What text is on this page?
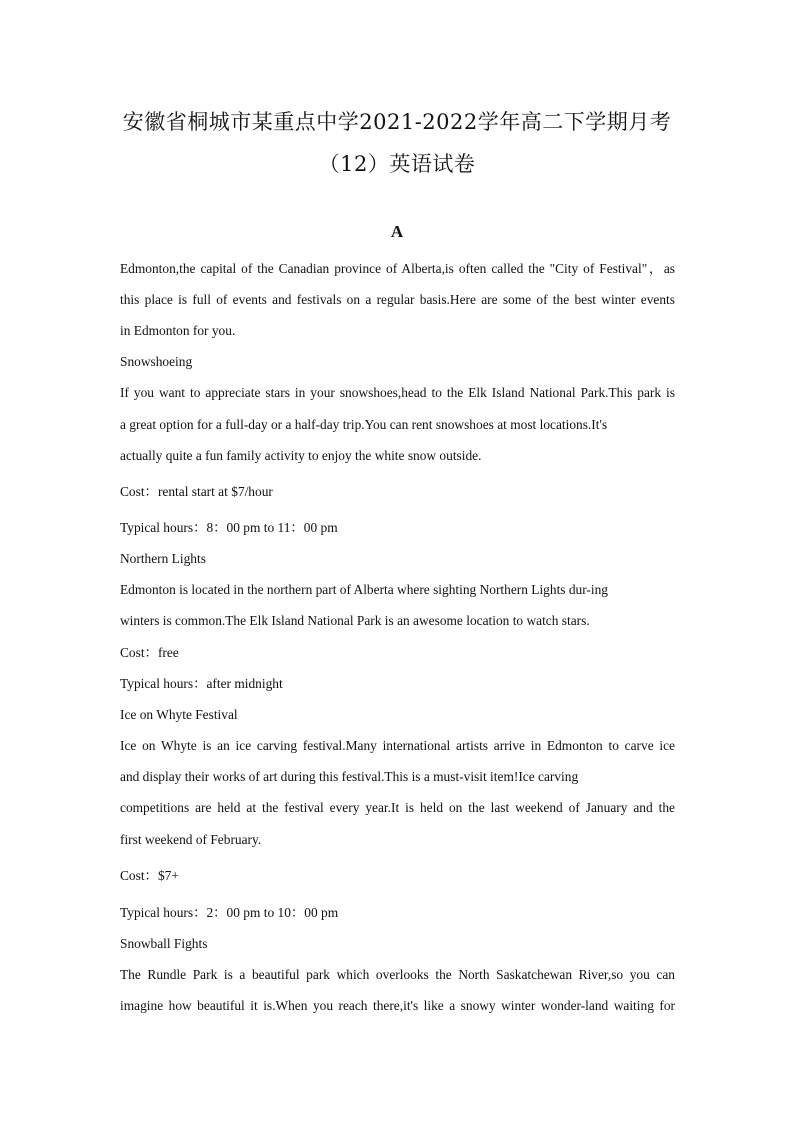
安徽省桐城市某重点中学2021-2022学年高二下学期月考
（12）英语试卷
A
Edmonton,the capital of the Canadian province of Alberta,is often called the "City of Festival"，as
this place is full of events and festivals on a regular basis.Here are some of the best winter events
in Edmonton for you.
Snowshoeing
If you want to appreciate stars in your snowshoes,head to the Elk Island National Park.This park is
a great option for a full-day or a half-day trip.You can rent snowshoes at most locations.It's
actually quite a fun family activity to enjoy the white snow outside.
Cost：rental start at $7/hour
Typical hours：8：00 pm to 11：00 pm
Northern Lights
Edmonton is located in the northern part of Alberta where sighting Northern Lights dur-ing
winters is common.The Elk Island National Park is an awesome location to watch stars.
Cost：free
Typical hours：after midnight
Ice on Whyte Festival
Ice on Whyte is an ice carving festival.Many international artists arrive in Edmonton to carve ice
and display their works of art during this festival.This is a must-visit item!Ice carving
competitions are held at the festival every year.It is held on the last weekend of January and the
first weekend of February.
Cost：$7+
Typical hours：2：00 pm to 10：00 pm
Snowball Fights
The Rundle Park is a beautiful park which overlooks the North Saskatchewan River,so you can
imagine how beautiful it is.When you reach there,it's like a snowy winter wonder-land waiting for
